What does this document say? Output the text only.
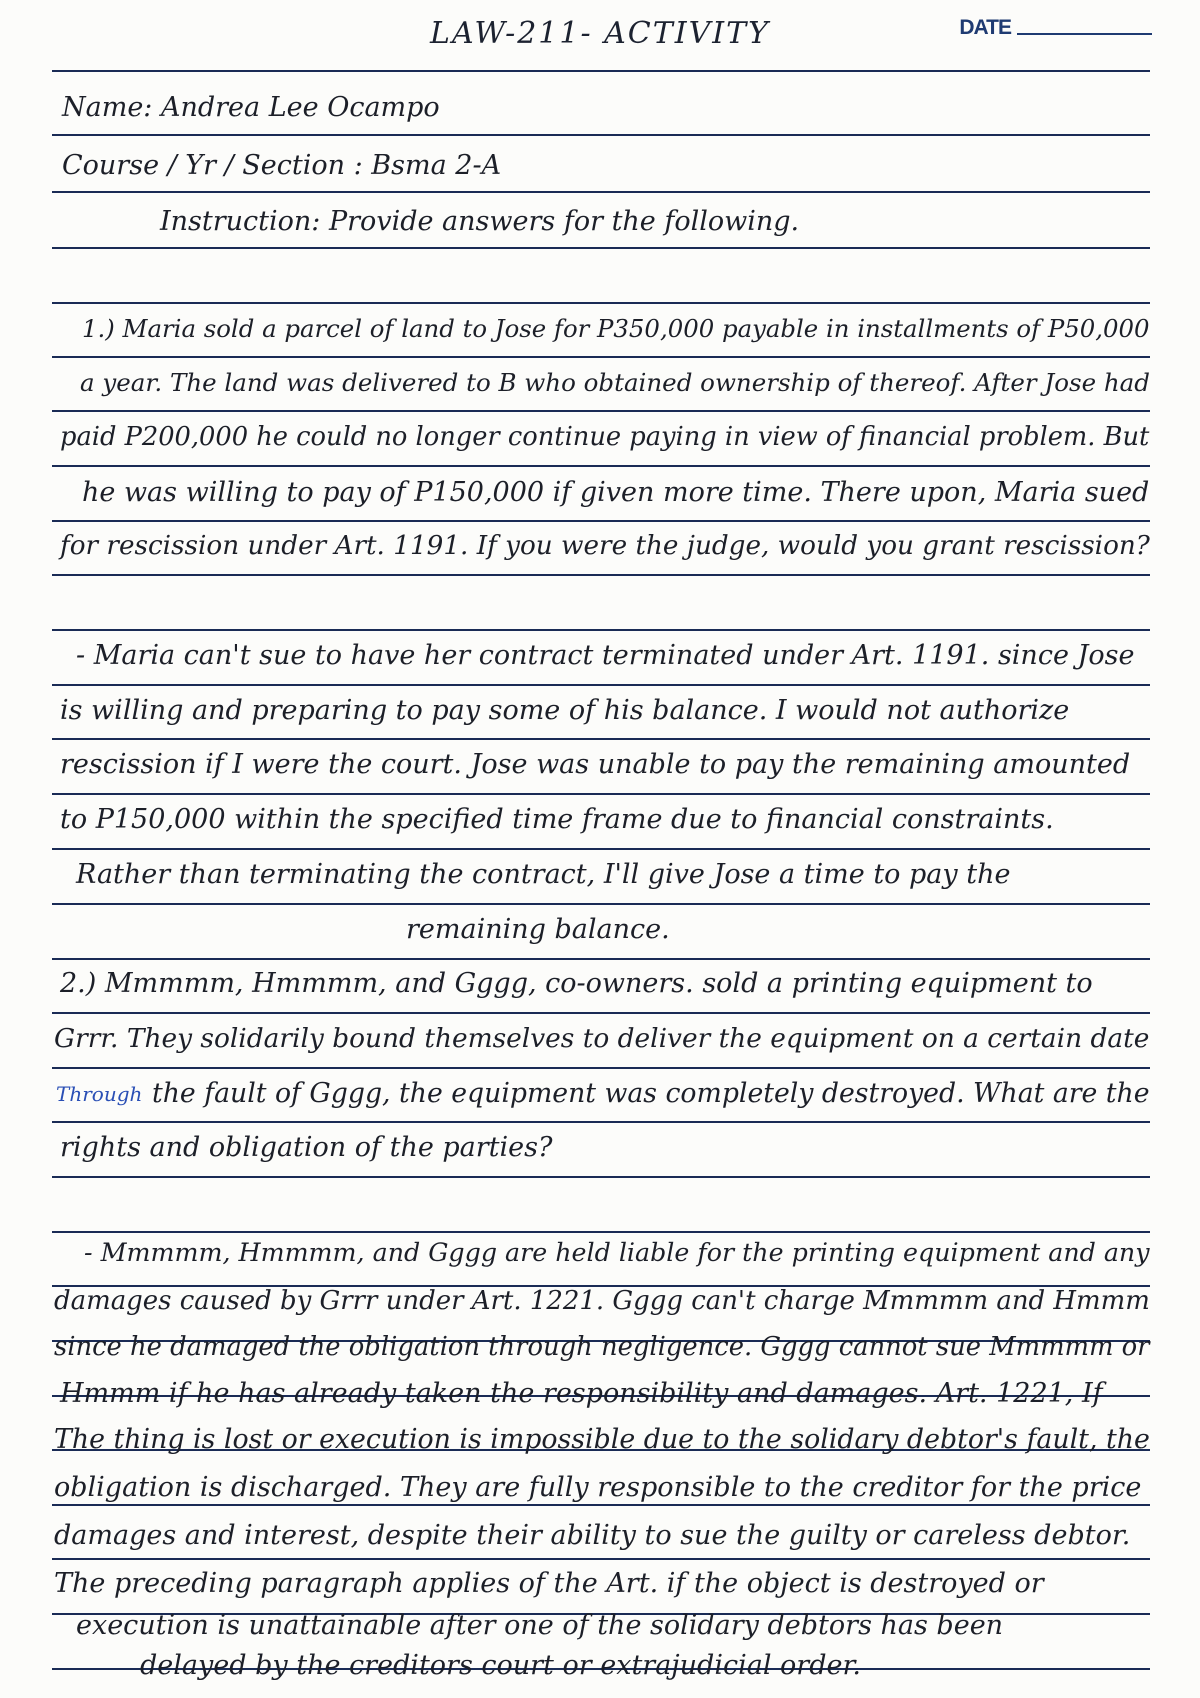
LAW-211- ACTIVITY	DATE
Name: Andrea Lee Ocampo
Course / Yr / Section : Bsma 2-A
Instruction: Provide answers for the following.
1.) Maria sold a parcel of land to Jose for P350,000 payable in installments of P50,000
a year. The land was delivered to B who obtained ownership of thereof. After Jose had
paid P200,000 he could no longer continue paying in view of financial problem. But
he was willing to pay of P150,000 if given more time. There upon, Maria sued
for rescission under Art. 1191. If you were the judge, would you grant rescission?
- Maria can't sue to have her contract terminated under Art. 1191. since Jose
is willing and preparing to pay some of his balance. I would not authorize
rescission if I were the court. Jose was unable to pay the remaining amounted
to P150,000 within the specified time frame due to financial constraints.
Rather than terminating the contract, I'll give Jose a time to pay the
remaining balance.
2.) Mmmmm, Hmmmm, and Gggg, co-owners. sold a printing equipment to
Grrr. They solidarily bound themselves to deliver the equipment on a certain date
Through the fault of Gggg, the equipment was completely destroyed. What are the
rights and obligation of the parties?
- Mmmmm, Hmmmm, and Gggg are held liable for the printing equipment and any
damages caused by Grrr under Art. 1221. Gggg can't charge Mmmmm and Hmmm
since he damaged the obligation through negligence. Gggg cannot sue Mmmmm or
Hmmm if he has already taken the responsibility and damages. Art. 1221, If
The thing is lost or execution is impossible due to the solidary debtor's fault, the
obligation is discharged. They are fully responsible to the creditor for the price
damages and interest, despite their ability to sue the guilty or careless debtor.
The preceding paragraph applies of the Art. if the object is destroyed or
execution is unattainable after one of the solidary debtors has been
delayed by the creditors court or extrajudicial order.
